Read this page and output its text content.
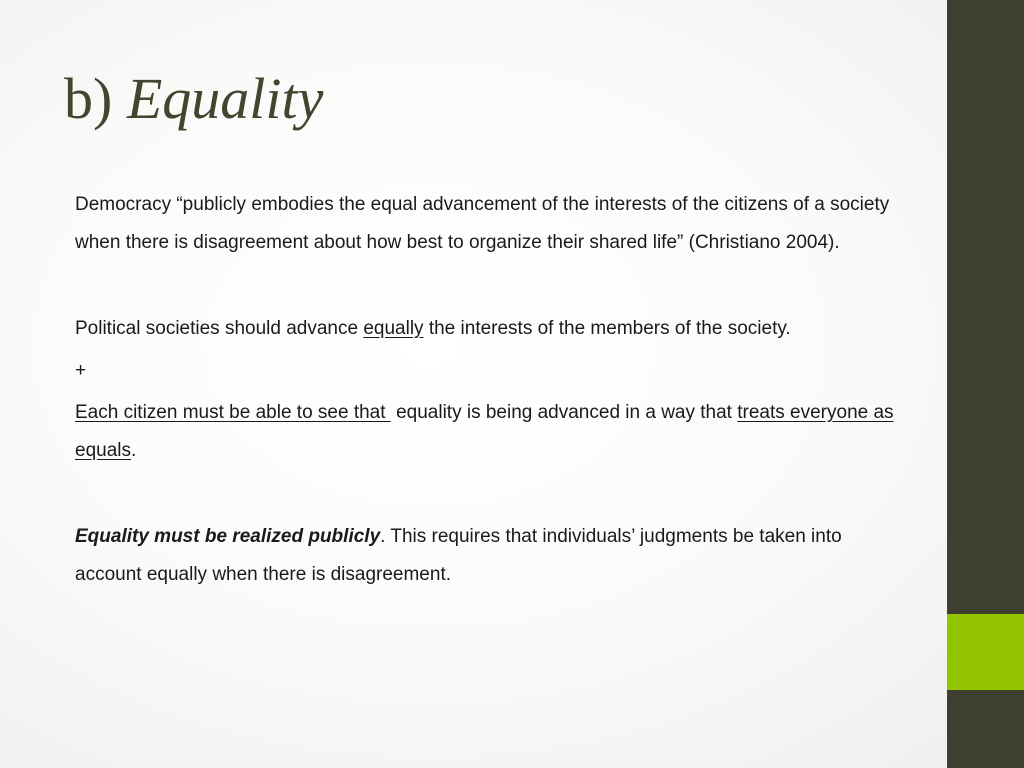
b) Equality

Democracy “publicly embodies the equal advancement of the interests of the citizens of a society when there is disagreement about how best to organize their shared life” (Christiano 2004).

Political societies should advance equally the interests of the members of the society.

+

Each citizen must be able to see that  equality is being advanced in a way that treats everyone as equals.

Equality must be realized publicly. This requires that individuals’ judgments be taken into account equally when there is disagreement.
